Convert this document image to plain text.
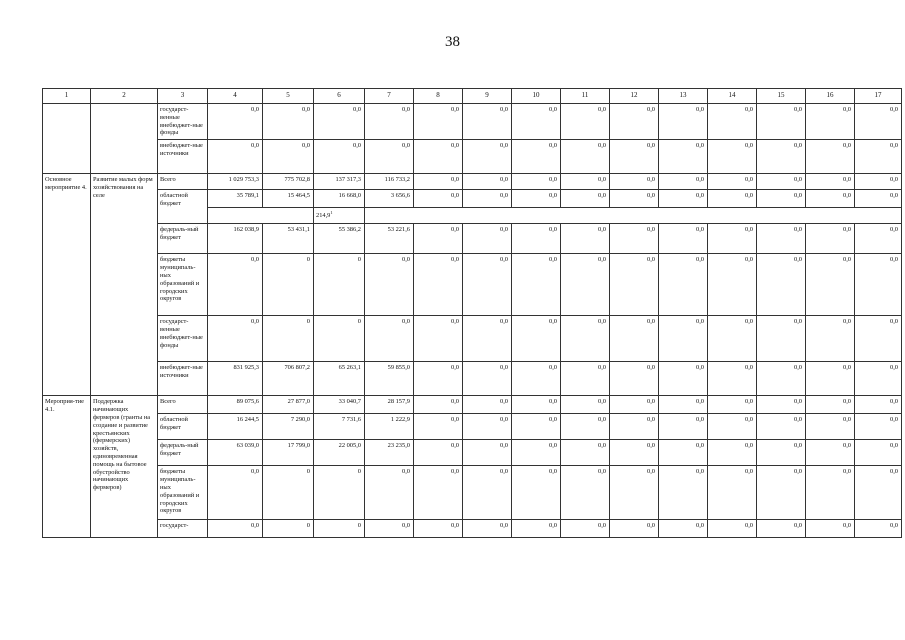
38
1	2	3	4	5	6	7	8	9	10	11	12	13	14	15	16	17
		государст-венные внебюджет-ные фонды	0,0	0,0	0,0	0,0	0,0	0,0	0,0	0,0	0,0	0,0	0,0	0,0	0,0	0,0
		внебюджет-ные источники	0,0	0,0	0,0	0,0	0,0	0,0	0,0	0,0	0,0	0,0	0,0	0,0	0,0	0,0
Основное мероприятие 4.	Развитие малых форм хозяйствования на селе	Всего	1 029 753,3	775 702,8	137 317,3	116 733,2	0,0	0,0	0,0	0,0	0,0	0,0	0,0	0,0	0,0	0,0
		областной бюджет	35 789,1	15 464,5	16 668,0	3 656,6	0,0	0,0	0,0	0,0	0,0	0,0	0,0	0,0	0,0	0,0
					214,9$^1$	
		федераль-ный бюджет	162 038,9	53 431,1	55 386,2	53 221,6	0,0	0,0	0,0	0,0	0,0	0,0	0,0	0,0	0,0	0,0
		бюджеты муниципаль-ных образований и городских округов	0,0	0	0	0,0	0,0	0,0	0,0	0,0	0,0	0,0	0,0	0,0	0,0	0,0
		государст-венные внебюджет-ные фонды	0,0	0	0	0,0	0,0	0,0	0,0	0,0	0,0	0,0	0,0	0,0	0,0	0,0
		внебюджет-ные источники	831 925,3	706 807,2	65 263,1	59 855,0	0,0	0,0	0,0	0,0	0,0	0,0	0,0	0,0	0,0	0,0
Мероприя-тие 4.1.	Поддержка начинающих фермеров (гранты на создание и развитие крестьянских (фермерских) хозяйств, единовременная помощь на бытовое обустройство начинающих фермеров)	Всего	89 075,6	27 877,0	33 040,7	28 157,9	0,0	0,0	0,0	0,0	0,0	0,0	0,0	0,0	0,0	0,0
		областной бюджет	16 244,5	7 290,0	7 731,6	1 222,9	0,0	0,0	0,0	0,0	0,0	0,0	0,0	0,0	0,0	0,0
		федераль-ный бюджет	63 039,0	17 799,0	22 005,0	23 235,0	0,0	0,0	0,0	0,0	0,0	0,0	0,0	0,0	0,0	0,0
		бюджеты муниципаль-ных образований и городских округов	0,0	0	0	0,0	0,0	0,0	0,0	0,0	0,0	0,0	0,0	0,0	0,0	0,0
		государст-	0,0	0	0	0,0	0,0	0,0	0,0	0,0	0,0	0,0	0,0	0,0	0,0	0,0
